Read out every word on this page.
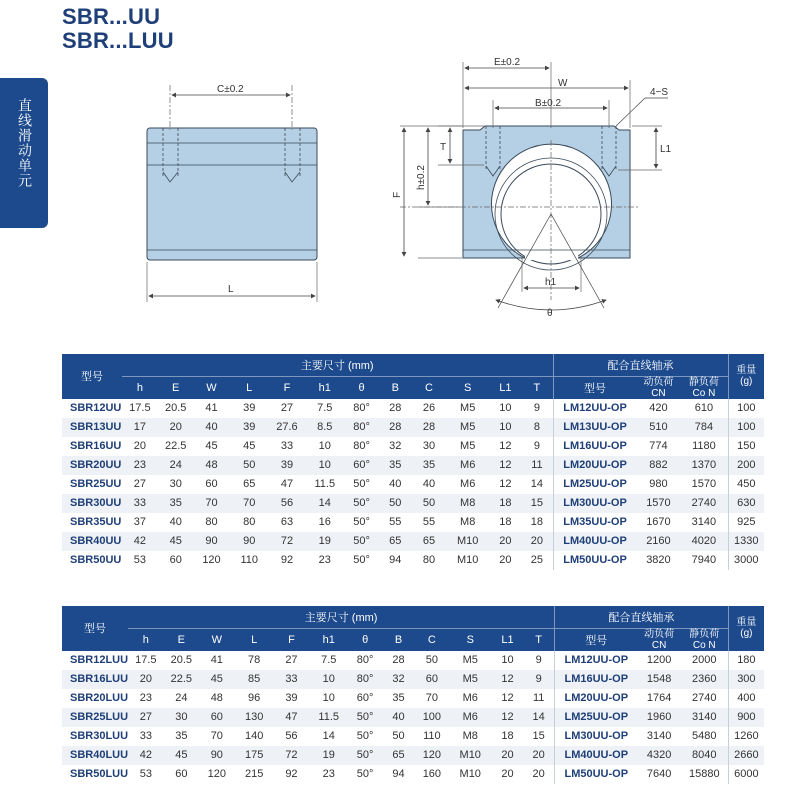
SBR...UU
SBR...LUU
直线滑动单元
C±0.2
L
E±0.2
W
B±0.2
4−S
L1
T
h±0.2
F
h1
θ
型号	主要尺寸 (mm)												配合直线轴承			重量
(g)
	h	E	W	L	F	h1	θ	B	C	S	L1	T	型号	动负荷
CN	静负荷
Co N	
SBR12UU	17.5	20.5	41	39	27	7.5	80°	28	26	M5	10	9	LM12UU-OP	420	610	100
SBR13UU	17	20	40	39	27.6	8.5	80°	28	28	M5	10	8	LM13UU-OP	510	784	100
SBR16UU	20	22.5	45	45	33	10	80°	32	30	M5	12	9	LM16UU-OP	774	1180	150
SBR20UU	23	24	48	50	39	10	60°	35	35	M6	12	11	LM20UU-OP	882	1370	200
SBR25UU	27	30	60	65	47	11.5	50°	40	40	M6	12	14	LM25UU-OP	980	1570	450
SBR30UU	33	35	70	70	56	14	50°	50	50	M8	18	15	LM30UU-OP	1570	2740	630
SBR35UU	37	40	80	80	63	16	50°	55	55	M8	18	18	LM35UU-OP	1670	3140	925
SBR40UU	42	45	90	90	72	19	50°	65	65	M10	20	20	LM40UU-OP	2160	4020	1330
SBR50UU	53	60	120	110	92	23	50°	94	80	M10	20	25	LM50UU-OP	3820	7940	3000
型号	主要尺寸 (mm)												配合直线轴承			重量
(g)
	h	E	W	L	F	h1	θ	B	C	S	L1	T	型号	动负荷
CN	静负荷
Co N	
SBR12LUU	17.5	20.5	41	78	27	7.5	80°	28	50	M5	10	9	LM12UU-OP	1200	2000	180
SBR16LUU	20	22.5	45	85	33	10	80°	32	60	M5	12	9	LM16UU-OP	1548	2360	300
SBR20LUU	23	24	48	96	39	10	60°	35	70	M6	12	11	LM20UU-OP	1764	2740	400
SBR25LUU	27	30	60	130	47	11.5	50°	40	100	M6	12	14	LM25UU-OP	1960	3140	900
SBR30LUU	33	35	70	140	56	14	50°	50	110	M8	18	15	LM30UU-OP	3140	5480	1260
SBR40LUU	42	45	90	175	72	19	50°	65	120	M10	20	20	LM40UU-OP	4320	8040	2660
SBR50LUU	53	60	120	215	92	23	50°	94	160	M10	20	20	LM50UU-OP	7640	15880	6000
